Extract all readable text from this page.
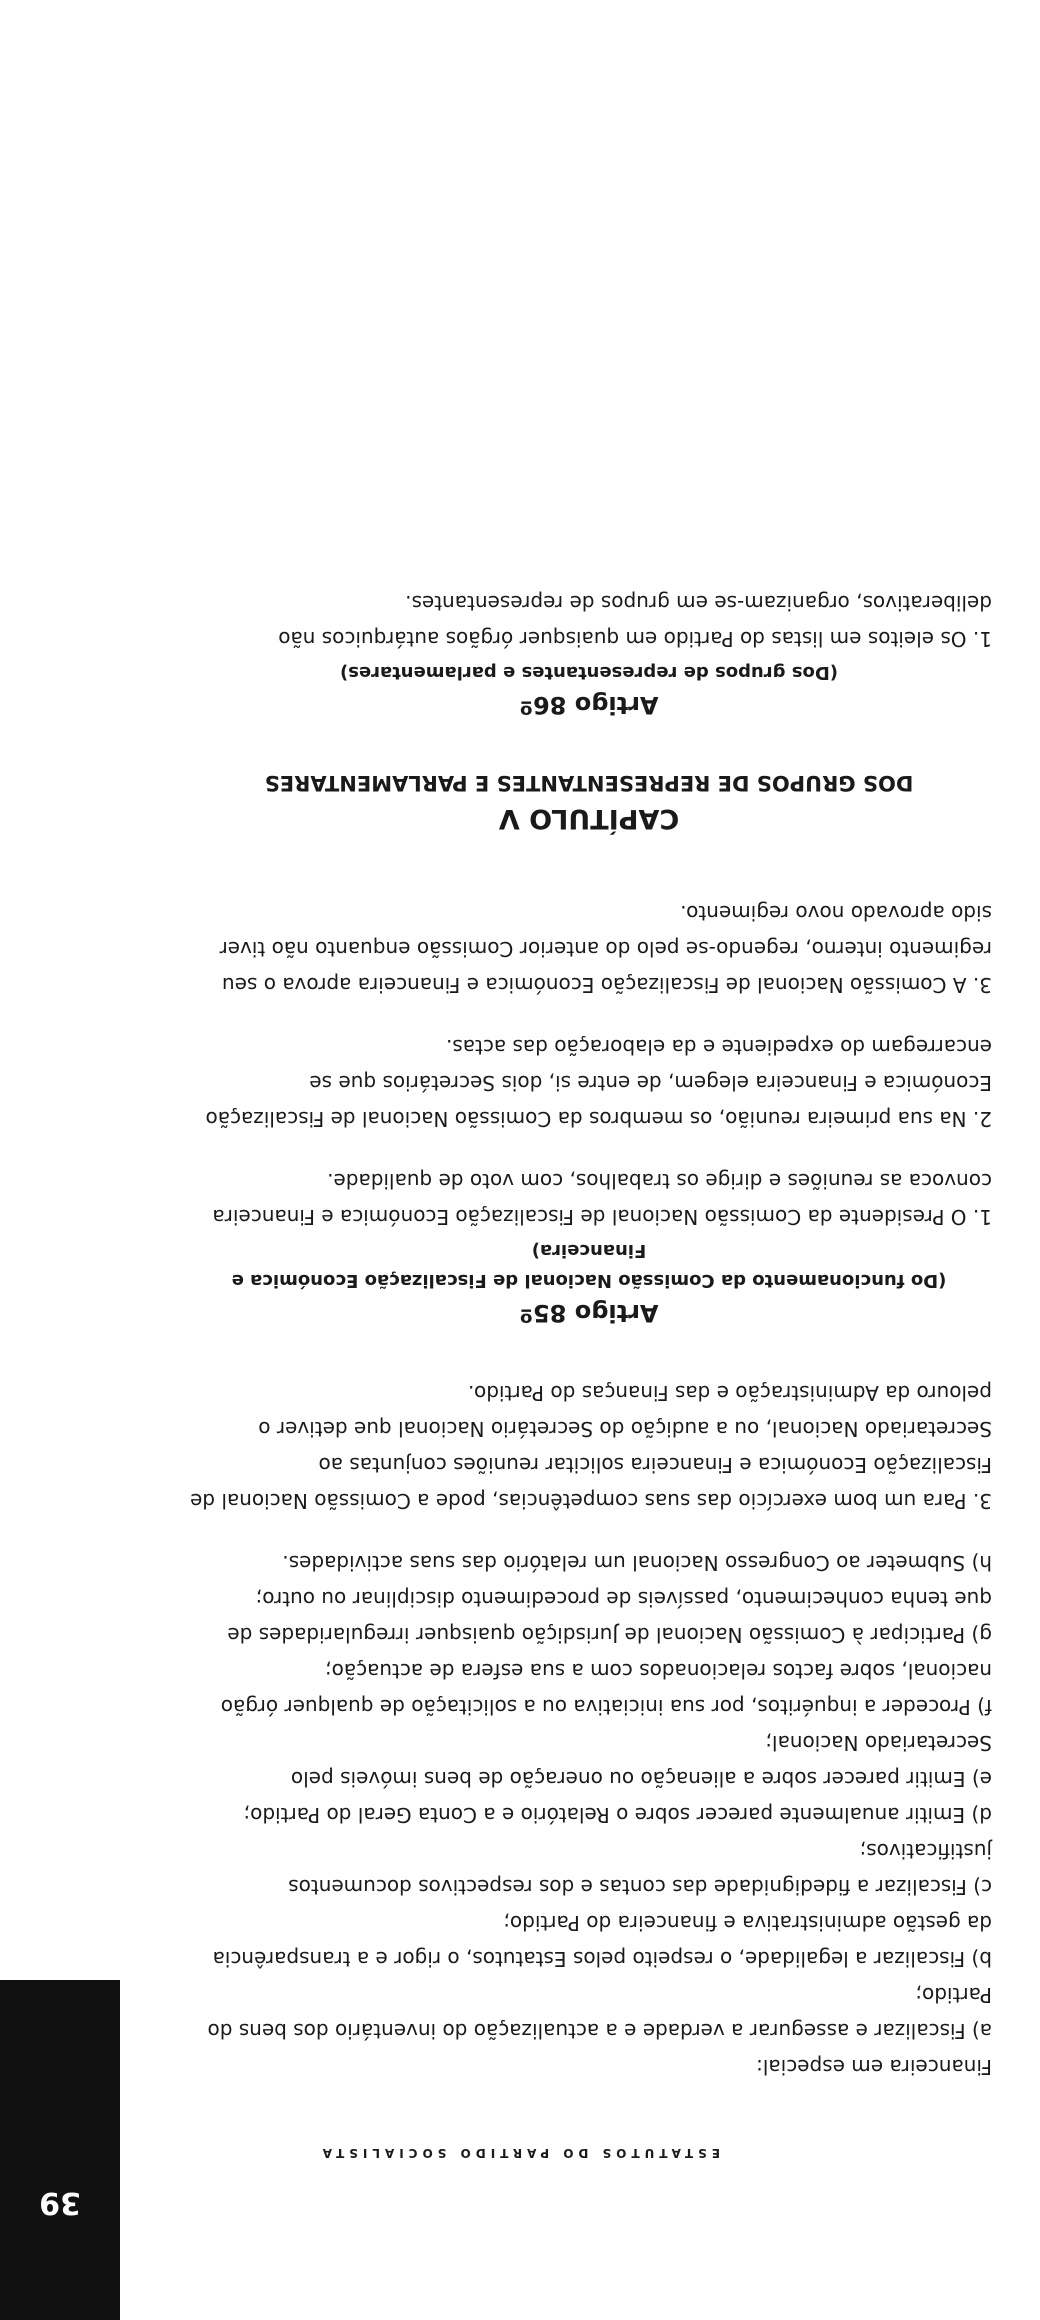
39
ESTATUTOS DO PARTIDO SOCIALISTA

Financeira em especial:

a) Fiscalizar e assegurar a verdade e a actualização do inventário dos bens do Partido;

b) Fiscalizar a legalidade, o respeito pelos Estatutos, o rigor e a transparência da gestão administrativa e financeira do Partido;

c) Fiscalizar a fidedignidade das contas e dos respectivos documentos justificativos;

d) Emitir anualmente parecer sobre o Relatório e a Conta Geral do Partido;

e) Emitir parecer sobre a alienação ou oneração de bens imóveis pelo Secretariado Nacional;

f) Proceder a inquéritos, por sua iniciativa ou a solicitação de qualquer órgão nacional, sobre factos relacionados com a sua esfera de actuação;

g) Participar à Comissão Nacional de Jurisdição quaisquer irregularidades de que tenha conhecimento, passíveis de procedimento disciplinar ou outro;

h) Submeter ao Congresso Nacional um relatório das suas actividades.

3. Para um bom exercício das suas competências, pode a Comissão Nacional de Fiscalização Económica e Financeira solicitar reuniões conjuntas ao Secretariado Nacional, ou a audição do Secretário Nacional que detiver o pelouro da Administração e das Finanças do Partido.

Artigo 85º

(Do funcionamento da Comissão Nacional de Fiscalização Económica e Financeira)

1. O Presidente da Comissão Nacional de Fiscalização Económica e Financeira convoca as reuniões e dirige os trabalhos, com voto de qualidade.

2. Na sua primeira reunião, os membros da Comissão Nacional de Fiscalização Económica e Financeira elegem, de entre si, dois Secretários que se encarregam do expediente e da elaboração das actas.

3. A Comissão Nacional de Fiscalização Económica e Financeira aprova o seu regimento interno, regendo-se pelo do anterior Comissão enquanto não tiver sido aprovado novo regimento.

CAPÍTULO V

DOS GRUPOS DE REPRESENTANTES E PARLAMENTARES

Artigo 86º

(Dos grupos de representantes e parlamentares)

1. Os eleitos em listas do Partido em quaisquer órgãos autárquicos não deliberativos, organizam-se em grupos de representantes.
